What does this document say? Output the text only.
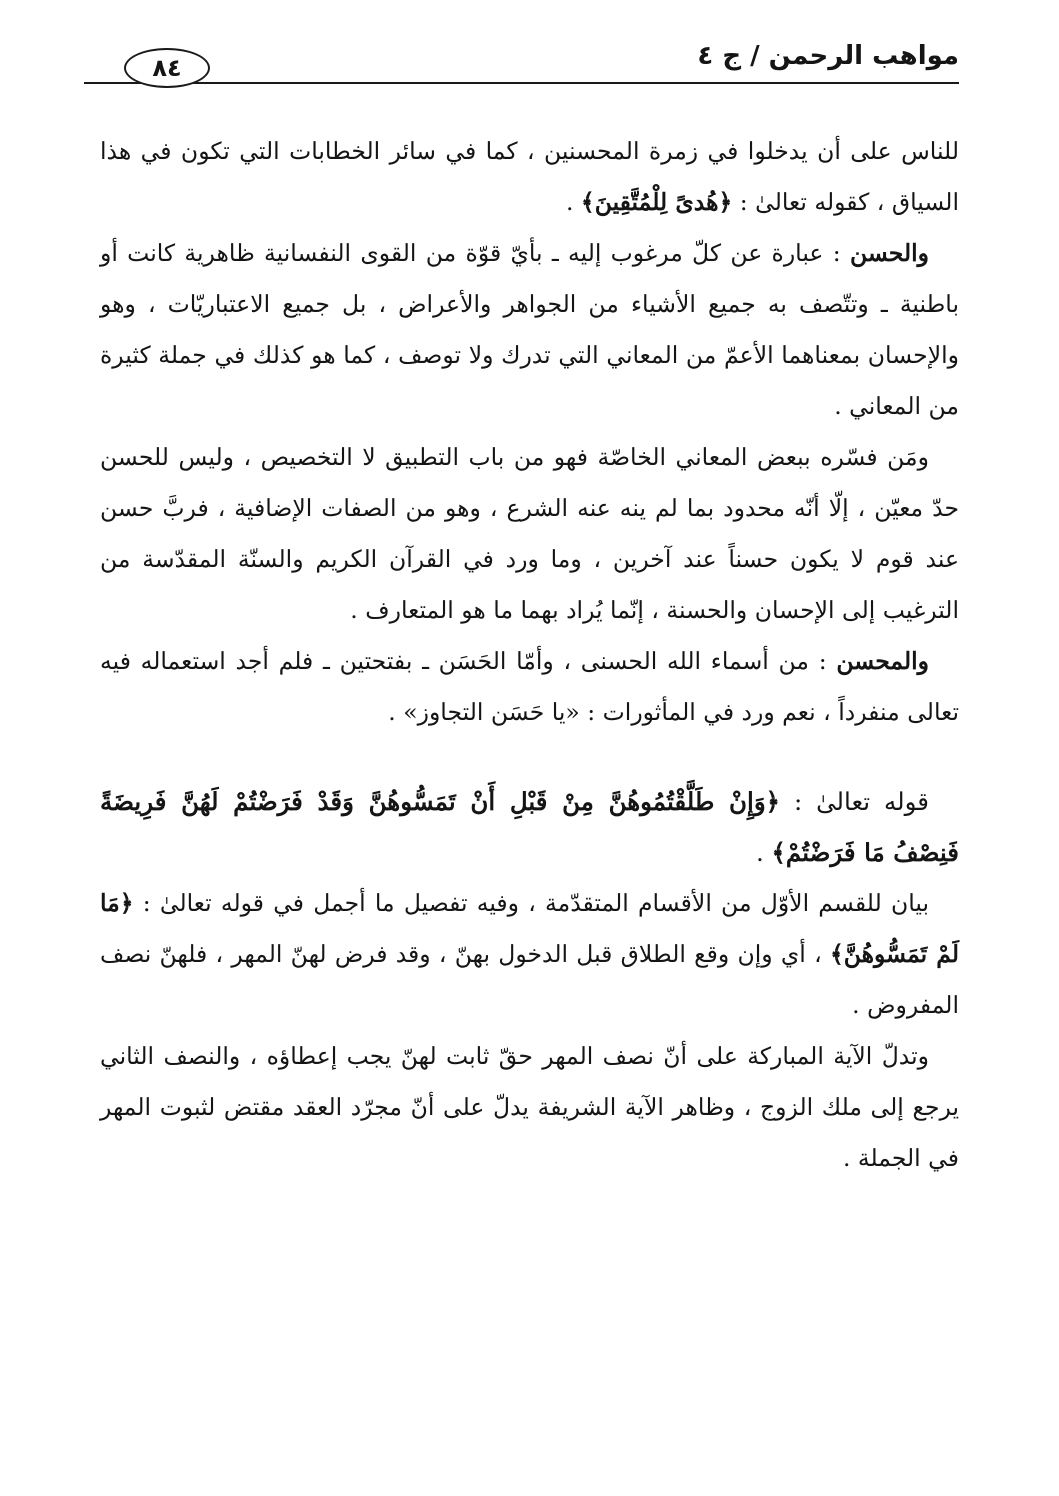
مواهب الرحمن / ج ٤
٨٤

للناس على أن يدخلوا في زمرة المحسنين ، كما في سائر الخطابات التي تكون في هذا السياق ، كقوله تعالىٰ : ﴿هُدىً لِلْمُتَّقِينَ﴾ .

والحسن : عبارة عن كلّ مرغوب إليه ـ بأيّ قوّة من القوى النفسانية ظاهرية كانت أو باطنية ـ وتتّصف به جميع الأشياء من الجواهر والأعراض ، بل جميع الاعتباريّات ، وهو والإحسان بمعناهما الأعمّ من المعاني التي تدرك ولا توصف ، كما هو كذلك في جملة كثيرة من المعاني .

ومَن فسّره ببعض المعاني الخاصّة فهو من باب التطبيق لا التخصيص ، وليس للحسن حدّ معيّن ، إلّا أنّه محدود بما لم ينه عنه الشرع ، وهو من الصفات الإضافية ، فربَّ حسن عند قوم لا يكون حسناً عند آخرين ، وما ورد في القرآن الكريم والسنّة المقدّسة من الترغيب إلى الإحسان والحسنة ، إنّما يُراد بهما ما هو المتعارف .

والمحسن : من أسماء الله الحسنى ، وأمّا الحَسَن ـ بفتحتين ـ فلم أجد استعماله فيه تعالى منفرداً ، نعم ورد في المأثورات : «يا حَسَن التجاوز» .

قوله تعالىٰ : ﴿وَإِنْ طَلَّقْتُمُوهُنَّ مِنْ قَبْلِ أَنْ تَمَسُّوهُنَّ وَقَدْ فَرَضْتُمْ لَهُنَّ فَرِيضَةً فَنِصْفُ مَا فَرَضْتُمْ﴾ .

بيان للقسم الأوّل من الأقسام المتقدّمة ، وفيه تفصيل ما أجمل في قوله تعالىٰ : ﴿مَا لَمْ تَمَسُّوهُنَّ﴾ ، أي وإن وقع الطلاق قبل الدخول بهنّ ، وقد فرض لهنّ المهر ، فلهنّ نصف المفروض .

وتدلّ الآية المباركة على أنّ نصف المهر حقّ ثابت لهنّ يجب إعطاؤه ، والنصف الثاني يرجع إلى ملك الزوج ، وظاهر الآية الشريفة يدلّ على أنّ مجرّد العقد مقتض لثبوت المهر في الجملة .
